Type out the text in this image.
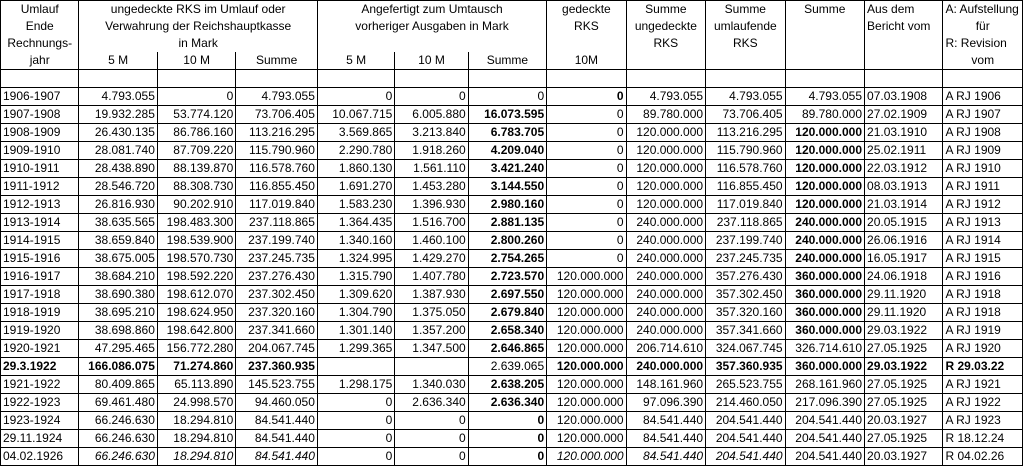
Umlauf	ungedeckte RKS im Umlauf oder			Angefertigt zum Umtausch			gedeckte	Summe	Summe	Summe	Aus dem	A: Aufstellung
Ende	Verwahrung der Reichshauptkasse			vorheriger Ausgaben in Mark			RKS	ungedeckte	umlaufende		Bericht vom	für
Rechnungs-	in Mark							RKS	RKS			R: Revision
jahr	5 M	10 M	Summe	5 M	10 M	Summe	10M					vom

1906-1907	4.793.055	0	4.793.055	0	0	0	0	4.793.055	4.793.055	4.793.055	07.03.1908	A RJ 1906
1907-1908	19.932.285	53.774.120	73.706.405	10.067.715	6.005.880	16.073.595	0	89.780.000	73.706.405	89.780.000	27.02.1909	A RJ 1907
1908-1909	26.430.135	86.786.160	113.216.295	3.569.865	3.213.840	6.783.705	0	120.000.000	113.216.295	120.000.000	21.03.1910	A RJ 1908
1909-1910	28.081.740	87.709.220	115.790.960	2.290.780	1.918.260	4.209.040	0	120.000.000	115.790.960	120.000.000	25.02.1911	A RJ 1909
1910-1911	28.438.890	88.139.870	116.578.760	1.860.130	1.561.110	3.421.240	0	120.000.000	116.578.760	120.000.000	22.03.1912	A RJ 1910
1911-1912	28.546.720	88.308.730	116.855.450	1.691.270	1.453.280	3.144.550	0	120.000.000	116.855.450	120.000.000	08.03.1913	A RJ 1911
1912-1913	26.816.930	90.202.910	117.019.840	1.583.230	1.396.930	2.980.160	0	120.000.000	117.019.840	120.000.000	21.03.1914	A RJ 1912
1913-1914	38.635.565	198.483.300	237.118.865	1.364.435	1.516.700	2.881.135	0	240.000.000	237.118.865	240.000.000	20.05.1915	A RJ 1913
1914-1915	38.659.840	198.539.900	237.199.740	1.340.160	1.460.100	2.800.260	0	240.000.000	237.199.740	240.000.000	26.06.1916	A RJ 1914
1915-1916	38.675.005	198.570.730	237.245.735	1.324.995	1.429.270	2.754.265	0	240.000.000	237.245.735	240.000.000	16.05.1917	A RJ 1915
1916-1917	38.684.210	198.592.220	237.276.430	1.315.790	1.407.780	2.723.570	120.000.000	240.000.000	357.276.430	360.000.000	24.06.1918	A RJ 1916
1917-1918	38.690.380	198.612.070	237.302.450	1.309.620	1.387.930	2.697.550	120.000.000	240.000.000	357.302.450	360.000.000	29.11.1920	A RJ 1918
1918-1919	38.695.210	198.624.950	237.320.160	1.304.790	1.375.050	2.679.840	120.000.000	240.000.000	357.320.160	360.000.000	29.11.1920	A RJ 1918
1919-1920	38.698.860	198.642.800	237.341.660	1.301.140	1.357.200	2.658.340	120.000.000	240.000.000	357.341.660	360.000.000	29.03.1922	A RJ 1919
1920-1921	47.295.465	156.772.280	204.067.745	1.299.365	1.347.500	2.646.865	120.000.000	206.714.610	324.067.745	326.714.610	27.05.1925	A RJ 1920
29.3.1922	166.086.075	71.274.860	237.360.935			2.639.065	120.000.000	240.000.000	357.360.935	360.000.000	29.03.1922	R 29.03.22
1921-1922	80.409.865	65.113.890	145.523.755	1.298.175	1.340.030	2.638.205	120.000.000	148.161.960	265.523.755	268.161.960	27.05.1925	A RJ 1921
1922-1923	69.461.480	24.998.570	94.460.050	0	2.636.340	2.636.340	120.000.000	97.096.390	214.460.050	217.096.390	27.05.1925	A RJ 1922
1923-1924	66.246.630	18.294.810	84.541.440	0	0	0	120.000.000	84.541.440	204.541.440	204.541.440	20.03.1927	A RJ 1923
29.11.1924	66.246.630	18.294.810	84.541.440	0	0	0	120.000.000	84.541.440	204.541.440	204.541.440	27.05.1925	R 18.12.24
04.02.1926	66.246.630	18.294.810	84.541.440	0	0	0	120.000.000	84.541.440	204.541.440	204.541.440	20.03.1927	R 04.02.26
